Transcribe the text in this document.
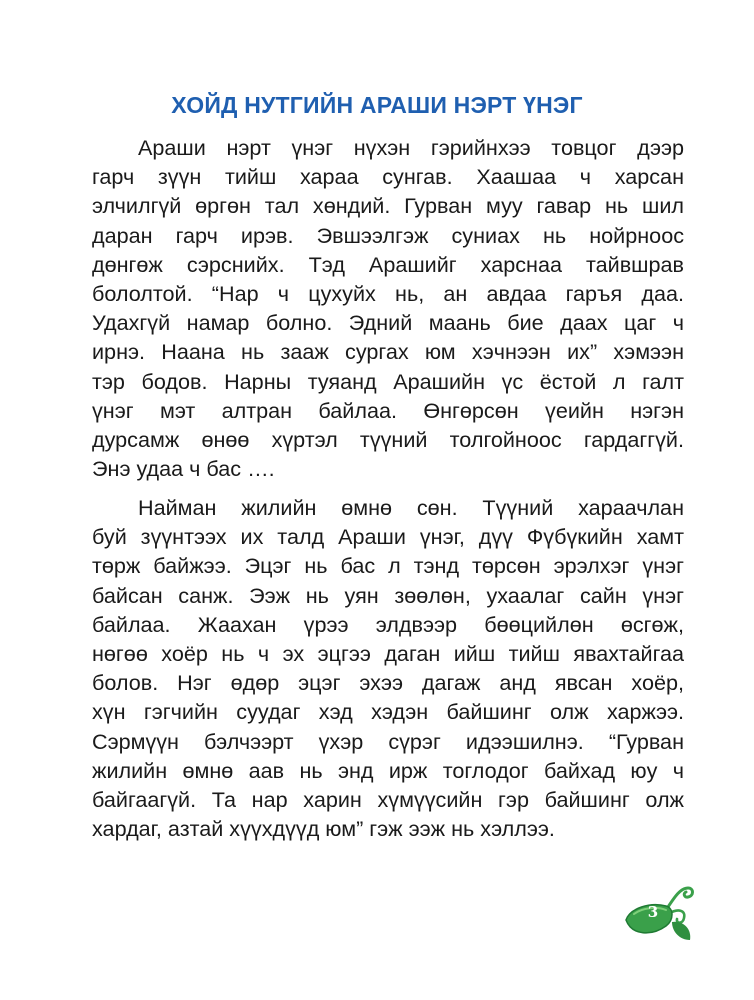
ХОЙД НУТГИЙН АРАШИ НЭРТ ҮНЭГ
Араши нэрт үнэг нүхэн гэрийнхээ товцог дээр
гарч зүүн тийш хараа сунгав. Хаашаа ч харсан
элчилгүй өргөн тал хөндий. Гурван муу гавар нь шил
даран гарч ирэв. Эвшээлгэж суниах нь нойрноос
дөнгөж сэрснийх. Тэд Арашийг харснаа тайвшрав
бололтой. “Нар ч цухуйх нь, ан авдаа гаръя даа.
Удахгүй намар болно. Эдний маань бие даах цаг ч
ирнэ. Наана нь зааж сургах юм хэчнээн их” хэмээн
тэр бодов. Нарны туяанд Арашийн үс ёстой л галт
үнэг мэт алтран байлаа. Өнгөрсөн үеийн нэгэн
дурсамж өнөө хүртэл түүний толгойноос гардаггүй.
Энэ удаа ч бас ….
Найман жилийн өмнө сөн. Түүний хараачлан
буй зүүнтээх их талд Араши үнэг, дүү Фүбүкийн хамт
төрж байжээ. Эцэг нь бас л тэнд төрсөн эрэлхэг үнэг
байсан санж. Ээж нь уян зөөлөн, ухаалаг сайн үнэг
байлаа. Жаахан үрээ элдвээр бөөцийлөн өсгөж,
нөгөө хоёр нь ч эх эцгээ даган ийш тийш явахтайгаа
болов. Нэг өдөр эцэг эхээ дагаж анд явсан хоёр,
хүн гэгчийн суудаг хэд хэдэн байшинг олж харжээ.
Сэрмүүн бэлчээрт үхэр сүрэг идээшилнэ. “Гурван
жилийн өмнө аав нь энд ирж тоглодог байхад юу ч
байгаагүй. Та нар харин хүмүүсийн гэр байшинг олж
хардаг, азтай хүүхдүүд юм” гэж ээж нь хэллээ.
3
